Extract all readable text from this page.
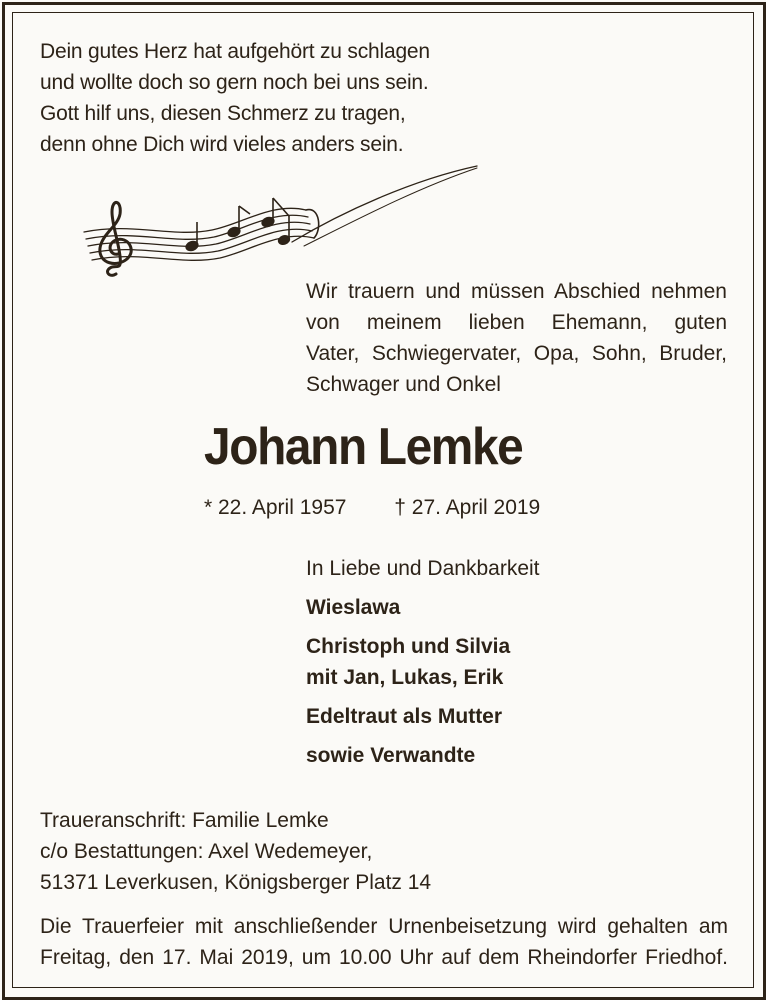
Dein gutes Herz hat aufgehört zu schlagen
und wollte doch so gern noch bei uns sein.
Gott hilf uns, diesen Schmerz zu tragen,
denn ohne Dich wird vieles anders sein.
Wir trauern und müssen Abschied nehmen
von meinem lieben Ehemann, guten
Vater, Schwiegervater, Opa, Sohn, Bruder,
Schwager und Onkel
Johann Lemke
* 22. April 1957 † 27. April 2019
In Liebe und Dankbarkeit
Wieslawa
Christoph und Silvia
mit Jan, Lukas, Erik
Edeltraut als Mutter
sowie Verwandte
Traueranschrift: Familie Lemke
c/o Bestattungen: Axel Wedemeyer,
51371 Leverkusen, Königsberger Platz 14
Die Trauerfeier mit anschließender Urnenbeisetzung wird gehalten am
Freitag, den 17. Mai 2019, um 10.00 Uhr auf dem Rheindorfer Friedhof.
